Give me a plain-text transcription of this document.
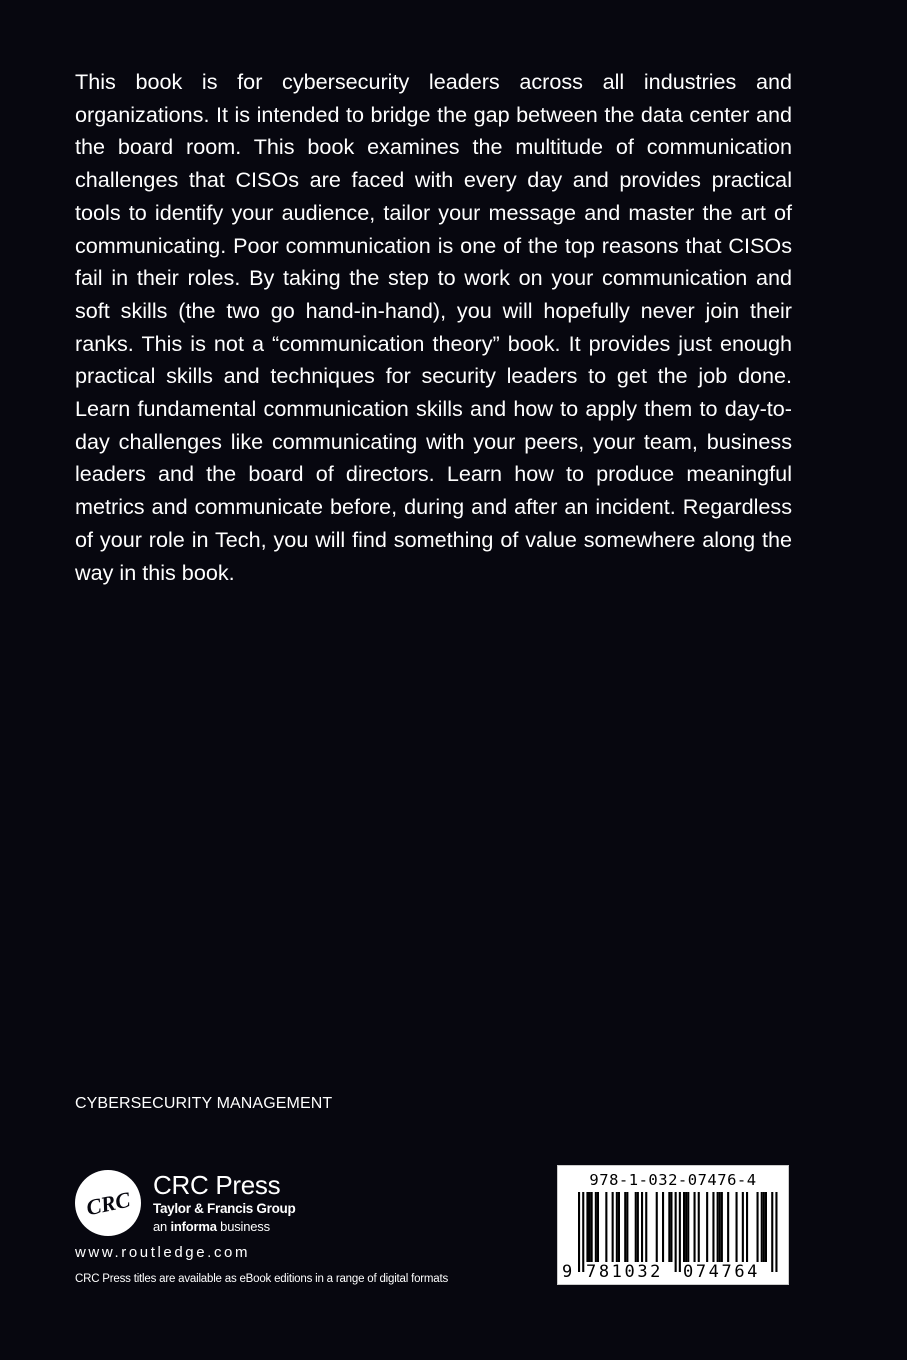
This book is for cybersecurity leaders across all industries and organizations. It is intended to bridge the gap between the data center and the board room. This book examines the multitude of communication challenges that CISOs are faced with every day and provides practical tools to identify your audience, tailor your message and master the art of communicating. Poor communication is one of the top reasons that CISOs fail in their roles. By taking the step to work on your communication and soft skills (the two go hand-in-hand), you will hopefully never join their ranks. This is not a “communication theory” book. It provides just enough practical skills and techniques for security leaders to get the job done. Learn fundamental communication skills and how to apply them to day-to-day challenges like communicating with your peers, your team, business leaders and the board of directors. Learn how to produce meaningful metrics and communicate before, during and after an incident. Regardless of your role in Tech, you will find something of value somewhere along the way in this book.

CYBERSECURITY MANAGEMENT
CRC
CRC Press
Taylor & Francis Group
an informa business
www.routledge.com
CRC Press titles are available as eBook editions in a range of digital formats
978-1-032-07476-4
9 781032 074764
